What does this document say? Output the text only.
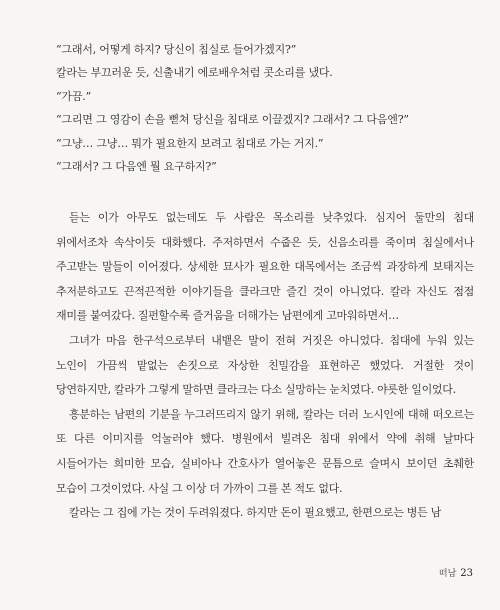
“그래서, 어떻게 하지? 당신이 침실로 들어가겠지?”

칼라는 부끄러운 듯, 신출내기 에로배우처럼 콧소리를 냈다.

“가끔.”

“그리면 그 영감이 손을 뻗쳐 당신을 침대로 이끌겠지? 그래서? 그 다음엔?”

“그냥… 그냥… 뭐가 필요한지 보려고 침대로 가는 거지.”

“그래서? 그 다음엔 뭘 요구하지?”

듣는 이가 아무도 없는데도 두 사람은 목소리를 낮추었다. 심지어 둘만의 침대 위에서조차 속삭이듯 대화했다. 주저하면서 수줍은 듯, 신음소리를 죽이며 침실에서나 주고받는 말들이 이어졌다. 상세한 묘사가 필요한 대목에서는 조금씩 과장하게 보태지는 추저분하고도 끈적끈적한 이야기들을 클라크만 즐긴 것이 아니었다. 칼라 자신도 점점 재미를 붙여갔다. 질펀할수록 즐거움을 더해가는 남편에게 고마워하면서…

그녀가 마음 한구석으로부터 내뱉은 말이 전혀 거짓은 아니었다. 침대에 누워 있는 노인이 가끔씩 맡없는 손짓으로 자상한 친밀감을 표현하곤 했었다. 거절한 것이 당연하지만, 칼라가 그렇게 말하면 클라크는 다소 실망하는 눈치였다. 야릇한 일이었다.

흥분하는 남편의 기분을 누그러뜨리지 않기 위해, 칼라는 더러 노시인에 대해 떠오르는 또 다른 이미지를 억눌러야 했다. 병원에서 빌려온 침대 위에서 약에 취해 날마다 시들어가는 희미한 모습, 실비아나 간호사가 열어놓은 문틈으로 슬며시 보이던 초췌한 모습이 그것이었다. 사실 그 이상 더 가까이 그를 본 적도 없다.

칼라는 그 집에 가는 것이 두려워졌다. 하지만 돈이 필요했고, 한편으로는 병든 남

떠남 23
